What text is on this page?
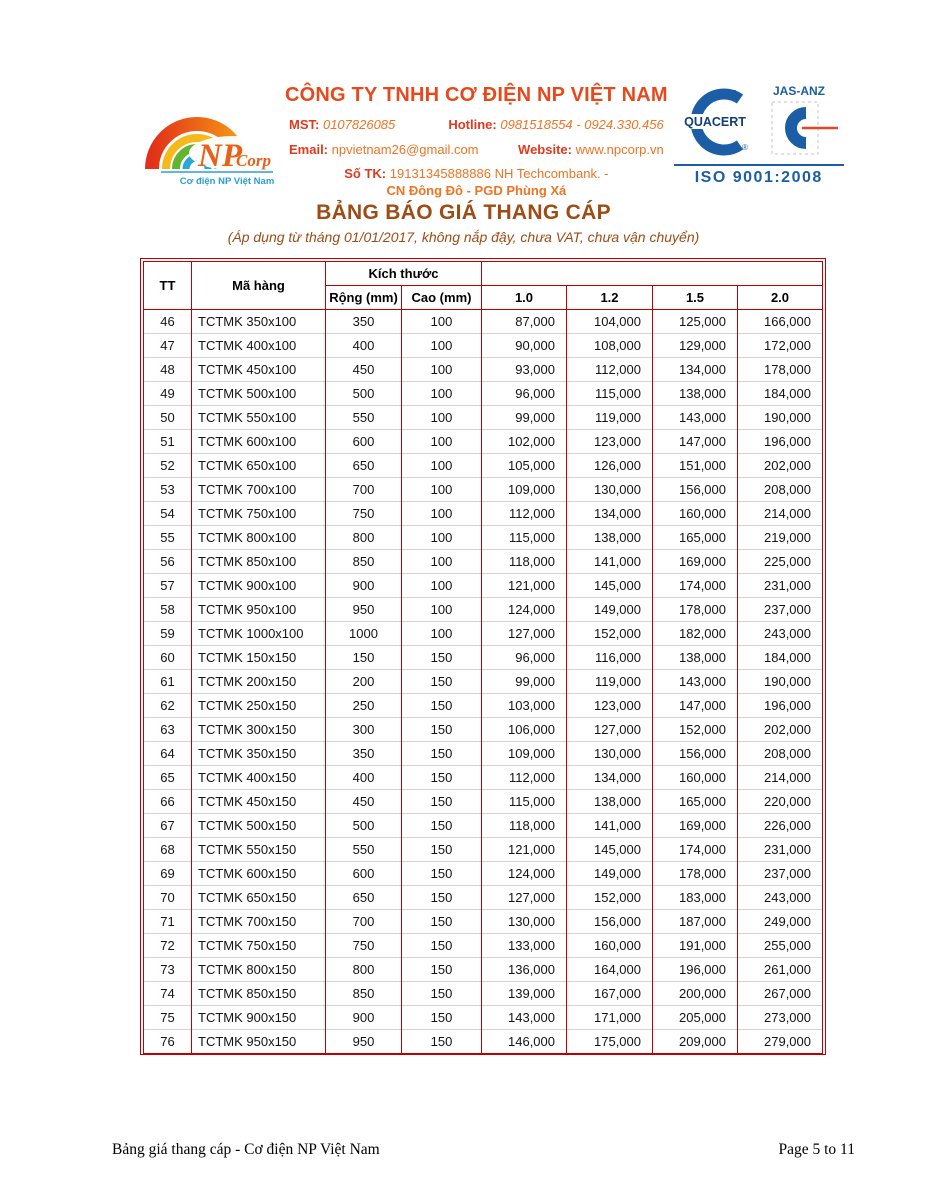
NP
Corp
Cơ điện NP Việt Nam
CÔNG TY TNHH CƠ ĐIỆN NP VIỆT NAM
MST: 0107826085	Hotline: 0981518554 - 0924.330.456
Email: npvietnam26@gmail.com	Website: www.npcorp.vn
Số TK: 19131345888886 NH Techcombank. -
CN Đông Đô - PGD Phùng Xá
vn
QUACERT
®
JAS-ANZ
ISO 9001:2008
BẢNG BÁO GIÁ THANG CÁP
(Áp dụng từ tháng 01/01/2017, không nắp đậy, chưa VAT, chưa vận chuyển)
TT	Mã hàng	Kích thước					
		Rộng (mm)	Cao (mm)	1.0	1.2	1.5	2.0
46	TCTMK 350x100	350	100	87,000	104,000	125,000	166,000
47	TCTMK 400x100	400	100	90,000	108,000	129,000	172,000
48	TCTMK 450x100	450	100	93,000	112,000	134,000	178,000
49	TCTMK 500x100	500	100	96,000	115,000	138,000	184,000
50	TCTMK 550x100	550	100	99,000	119,000	143,000	190,000
51	TCTMK 600x100	600	100	102,000	123,000	147,000	196,000
52	TCTMK 650x100	650	100	105,000	126,000	151,000	202,000
53	TCTMK 700x100	700	100	109,000	130,000	156,000	208,000
54	TCTMK 750x100	750	100	112,000	134,000	160,000	214,000
55	TCTMK 800x100	800	100	115,000	138,000	165,000	219,000
56	TCTMK 850x100	850	100	118,000	141,000	169,000	225,000
57	TCTMK 900x100	900	100	121,000	145,000	174,000	231,000
58	TCTMK 950x100	950	100	124,000	149,000	178,000	237,000
59	TCTMK 1000x100	1000	100	127,000	152,000	182,000	243,000
60	TCTMK 150x150	150	150	96,000	116,000	138,000	184,000
61	TCTMK 200x150	200	150	99,000	119,000	143,000	190,000
62	TCTMK 250x150	250	150	103,000	123,000	147,000	196,000
63	TCTMK 300x150	300	150	106,000	127,000	152,000	202,000
64	TCTMK 350x150	350	150	109,000	130,000	156,000	208,000
65	TCTMK 400x150	400	150	112,000	134,000	160,000	214,000
66	TCTMK 450x150	450	150	115,000	138,000	165,000	220,000
67	TCTMK 500x150	500	150	118,000	141,000	169,000	226,000
68	TCTMK 550x150	550	150	121,000	145,000	174,000	231,000
69	TCTMK 600x150	600	150	124,000	149,000	178,000	237,000
70	TCTMK 650x150	650	150	127,000	152,000	183,000	243,000
71	TCTMK 700x150	700	150	130,000	156,000	187,000	249,000
72	TCTMK 750x150	750	150	133,000	160,000	191,000	255,000
73	TCTMK 800x150	800	150	136,000	164,000	196,000	261,000
74	TCTMK 850x150	850	150	139,000	167,000	200,000	267,000
75	TCTMK 900x150	900	150	143,000	171,000	205,000	273,000
76	TCTMK 950x150	950	150	146,000	175,000	209,000	279,000
Bảng giá thang cáp - Cơ điện NP Việt Nam	Page 5 to 11
